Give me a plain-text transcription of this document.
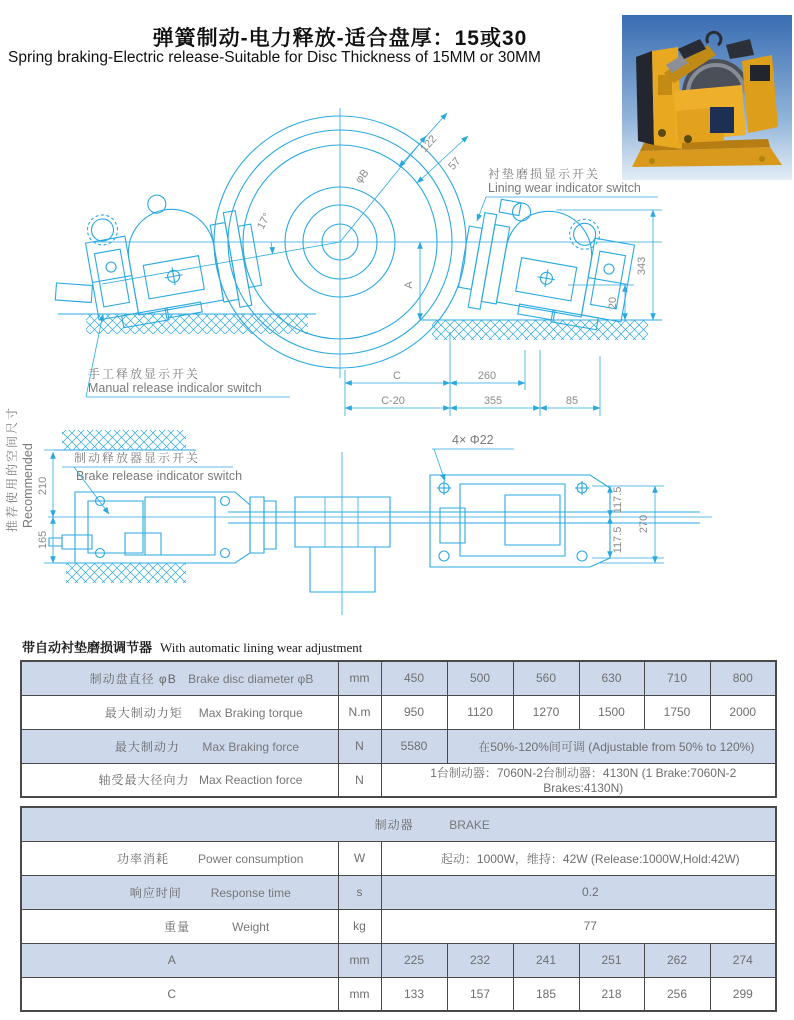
弹簧制动-电力释放-适合盘厚：15或30
Spring braking-Electric release-Suitable for Disc Thickness of 15MM or 30MM
φB
122
57
17°
A
343
20
C	260
C-20	355	85
衬垫磨损显示开关
Lining wear indicator switch
手工释放显示开关
Manual release indicalor switch
推荐使用的空间尺寸 Recommended 210
165
制动释放器显示开关
Brake release indicator switch
4× Φ22
117.5
117.5
270
带自动衬垫磨损调节器 With automatic lining wear adjustment
制动盘直径 φB Brake disc diameter φB	mm	450	500	560	630	710	800
最大制动力矩 Max Braking torque	N.m	950	1120	1270	1500	1750	2000
最大制动力 Max Braking force	N	5580	在50%-120%间可调 (Adjustable from 50% to 120%)				
轴受最大径向力 Max Reaction force	N	1台制动器：7060N-2台制动器：4130N (1 Brake:7060N-2 Brakes:4130N)					
制动器 BRAKE							
功率消耗 Power consumption	W	起动：1000W，维持：42W (Release:1000W,Hold:42W)					
响应时间 Response time	s	0.2					
重量 Weight	kg	77					
A	mm	225	232	241	251	262	274
C	mm	133	157	185	218	256	299
